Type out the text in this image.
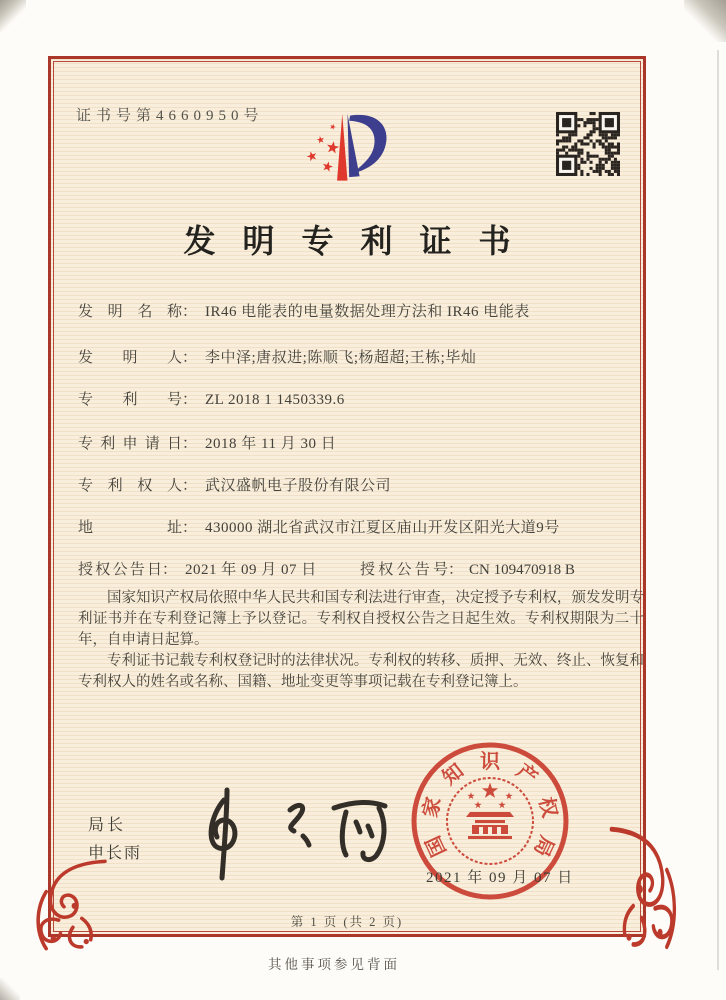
证书号第4660950号
发明专利证书
发明名称： IR46 电能表的电量数据处理方法和 IR46 电能表
发明人： 李中泽;唐叔进;陈顺飞;杨超超;王栋;毕灿
专利号： ZL 2018 1 1450339.6
专利申请日： 2018 年 11 月 30 日
专利权人： 武汉盛帆电子股份有限公司
地址： 430000 湖北省武汉市江夏区庙山开发区阳光大道9号
授权公告日： 2021 年 09 月 07 日	授权公告号： CN 109470918 B

国家知识产权局依照中华人民共和国专利法进行审查，决定授予专利权，颁发发明专利证书并在专利登记簿上予以登记。专利权自授权公告之日起生效。专利权期限为二十年，自申请日起算。

专利证书记载专利权登记时的法律状况。专利权的转移、质押、无效、终止、恢复和专利权人的姓名或名称、国籍、地址变更等事项记载在专利登记簿上。

局长
申长雨	国
家
知 识 产
权
局
2021 年 09 月 07 日
第 1 页 (共 2 页)
其他事项参见背面
